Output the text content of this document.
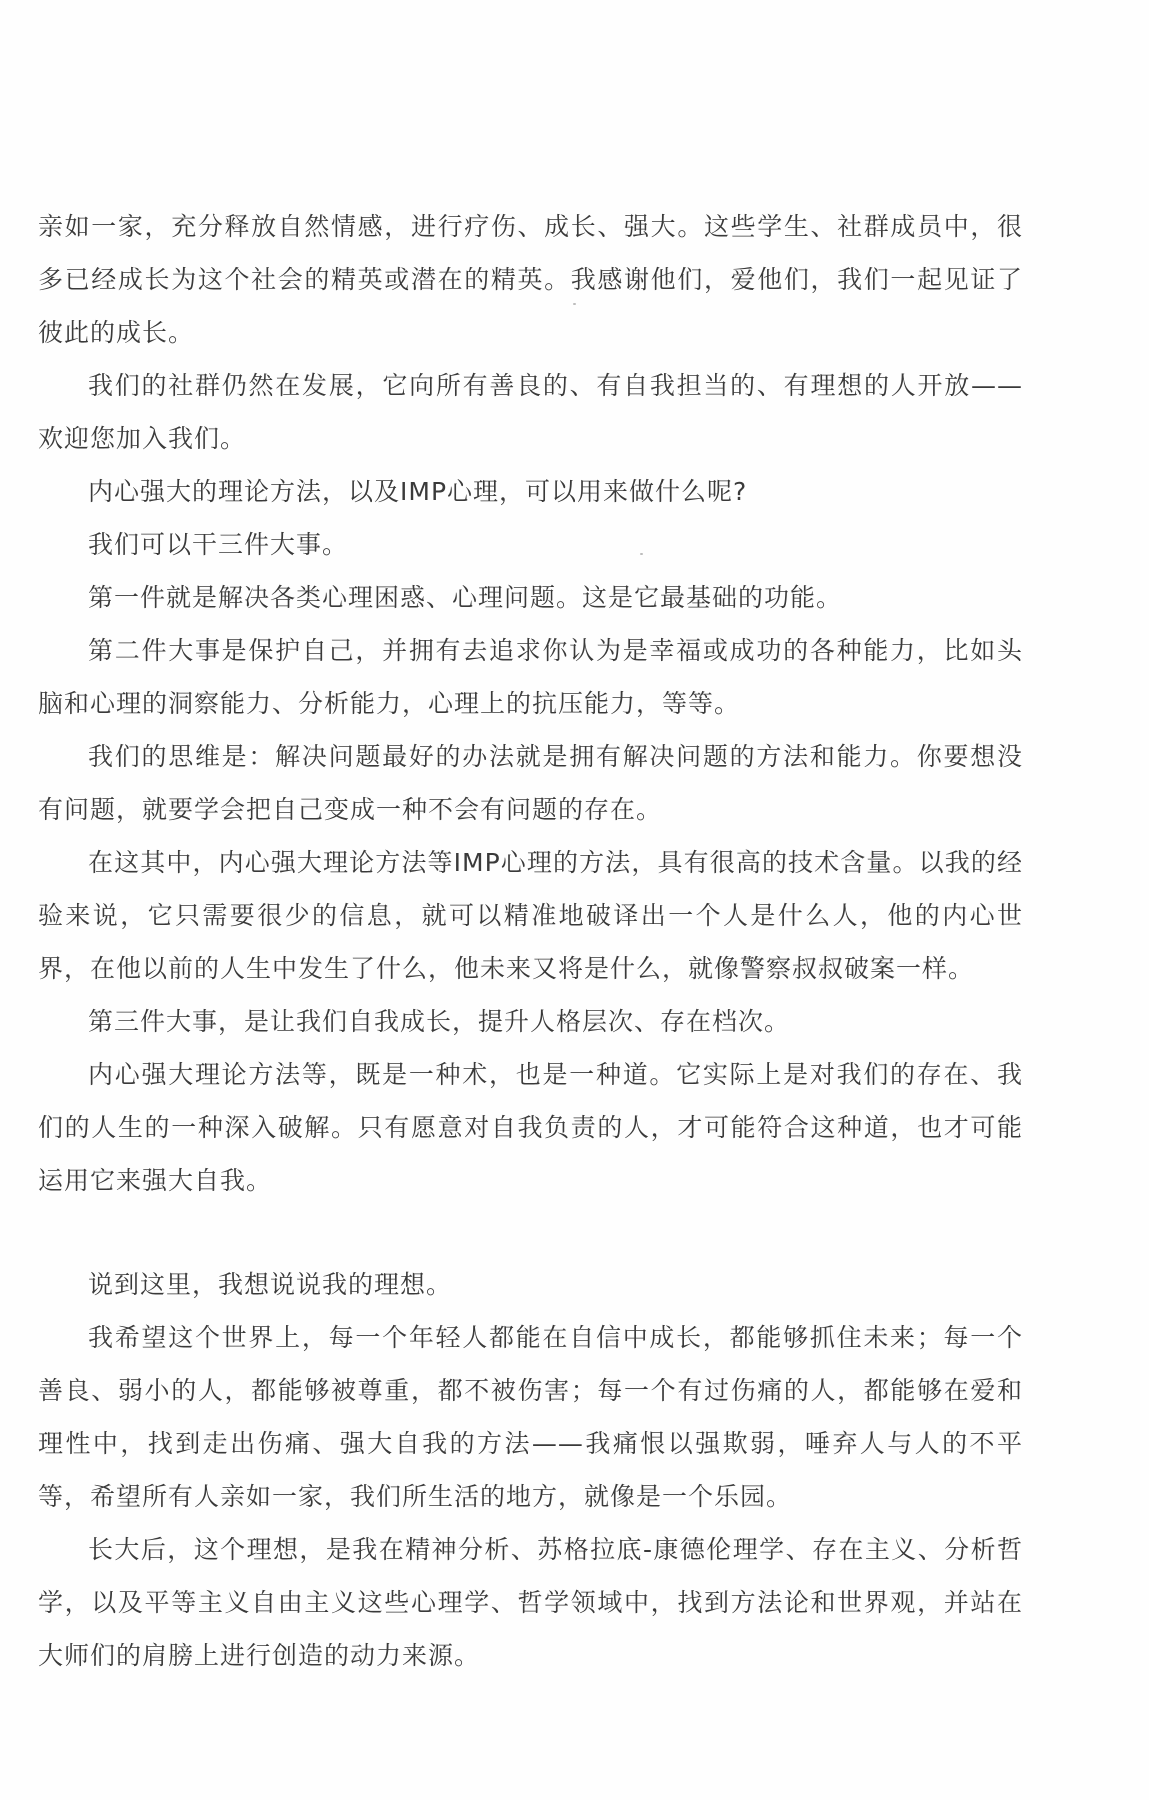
亲如一家，充分释放自然情感，进行疗伤、成长、强大。这些学生、社群成员中，很多已经成长为这个社会的精英或潜在的精英。我感谢他们，爱他们，我们一起见证了彼此的成长。

我们的社群仍然在发展，它向所有善良的、有自我担当的、有理想的人开放——欢迎您加入我们。

内心强大的理论方法，以及IMP心理，可以用来做什么呢?

我们可以干三件大事。

第一件就是解决各类心理困惑、心理问题。这是它最基础的功能。

第二件大事是保护自己，并拥有去追求你认为是幸福或成功的各种能力，比如头脑和心理的洞察能力、分析能力，心理上的抗压能力，等等。

我们的思维是：解决问题最好的办法就是拥有解决问题的方法和能力。你要想没有问题，就要学会把自己变成一种不会有问题的存在。

在这其中，内心强大理论方法等IMP心理的方法，具有很高的技术含量。以我的经验来说，它只需要很少的信息，就可以精准地破译出一个人是什么人，他的内心世界，在他以前的人生中发生了什么，他未来又将是什么，就像警察叔叔破案一样。

第三件大事，是让我们自我成长，提升人格层次、存在档次。

内心强大理论方法等，既是一种术，也是一种道。它实际上是对我们的存在、我们的人生的一种深入破解。只有愿意对自我负责的人，才可能符合这种道，也才可能运用它来强大自我。

说到这里，我想说说我的理想。

我希望这个世界上，每一个年轻人都能在自信中成长，都能够抓住未来；每一个善良、弱小的人，都能够被尊重，都不被伤害；每一个有过伤痛的人，都能够在爱和理性中，找到走出伤痛、强大自我的方法——我痛恨以强欺弱，唾弃人与人的不平等，希望所有人亲如一家，我们所生活的地方，就像是一个乐园。

长大后，这个理想，是我在精神分析、苏格拉底-康德伦理学、存在主义、分析哲学，以及平等主义自由主义这些心理学、哲学领域中，找到方法论和世界观，并站在大师们的肩膀上进行创造的动力来源。
